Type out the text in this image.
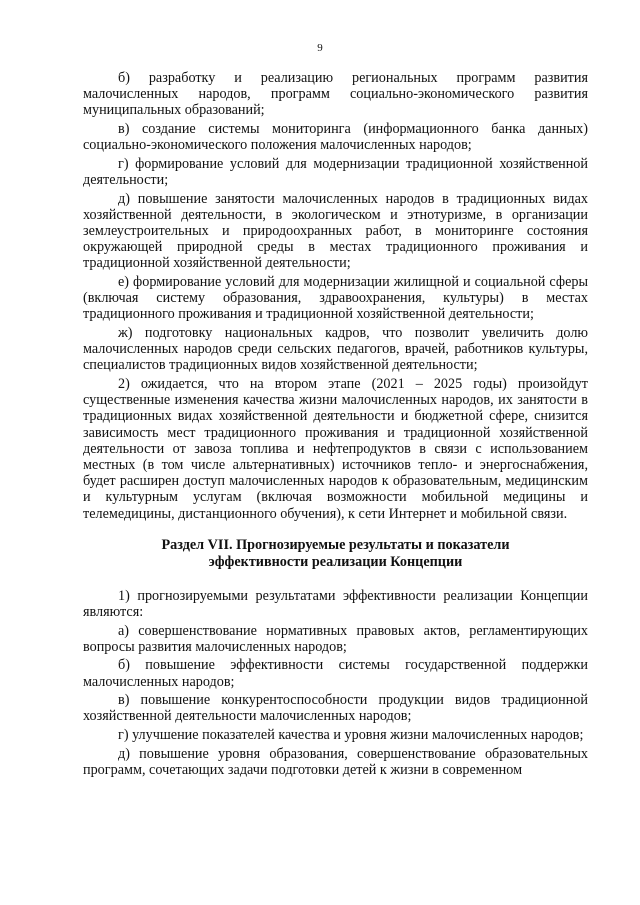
9

б) разработку и реализацию региональных программ развития малочисленных народов, программ социально-экономического развития муниципальных образований;

в) создание системы мониторинга (информационного банка данных) социально-экономического положения малочисленных народов;

г) формирование условий для модернизации традиционной хозяйственной деятельности;

д) повышение занятости малочисленных народов в традиционных видах хозяйственной деятельности, в экологическом и этнотуризме, в организации землеустроительных и природоохранных работ, в мониторинге состояния окружающей природной среды в местах традиционного проживания и традиционной хозяйственной деятельности;

е) формирование условий для модернизации жилищной и социальной сферы (включая систему образования, здравоохранения, культуры) в местах традиционного проживания и традиционной хозяйственной деятельности;

ж) подготовку национальных кадров, что позволит увеличить долю малочисленных народов среди сельских педагогов, врачей, работников культуры, специалистов традиционных видов хозяйственной деятельности;

2) ожидается, что на втором этапе (2021 – 2025 годы) произойдут существенные изменения качества жизни малочисленных народов, их занятости в традиционных видах хозяйственной деятельности и бюджетной сфере, снизится зависимость мест традиционного проживания и традиционной хозяйственной деятельности от завоза топлива и нефтепродуктов в связи с использованием местных (в том числе альтернативных) источников тепло- и энергоснабжения, будет расширен доступ малочисленных народов к образовательным, медицинским и культурным услугам (включая возможности мобильной медицины и телемедицины, дистанционного обучения), к сети Интернет и мобильной связи.

Раздел VII. Прогнозируемые результаты и показатели
эффективности реализации Концепции

1) прогнозируемыми результатами эффективности реализации Концепции являются:

а) совершенствование нормативных правовых актов, регламентирующих вопросы развития малочисленных народов;

б) повышение эффективности системы государственной поддержки малочисленных народов;

в) повышение конкурентоспособности продукции видов традиционной хозяйственной деятельности малочисленных народов;

г) улучшение показателей качества и уровня жизни малочисленных народов;

д) повышение уровня образования, совершенствование образовательных программ, сочетающих задачи подготовки детей к жизни в современном
